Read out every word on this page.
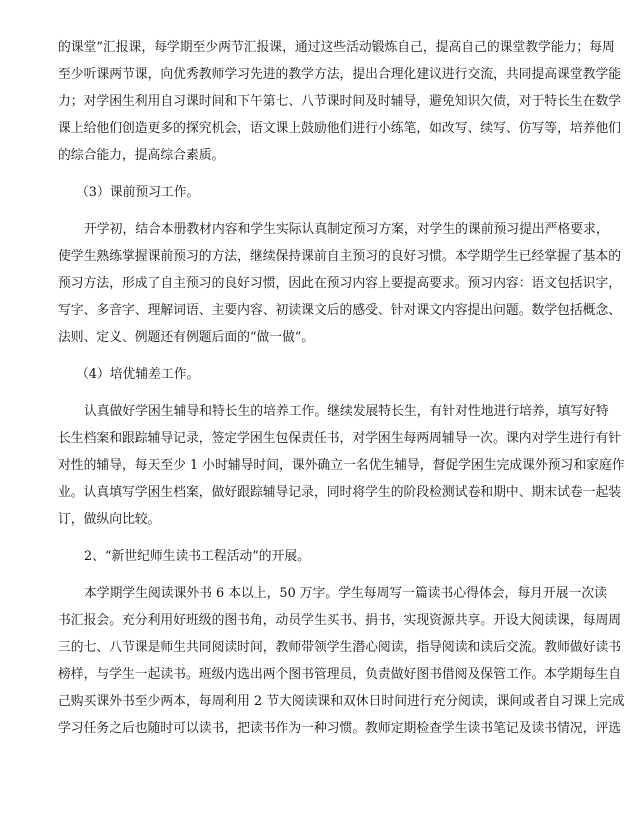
的课堂”汇报课，每学期至少两节汇报课，通过这些活动锻炼自己，提高自己的课堂教学能力；每周
至少听课两节课，向优秀教师学习先进的教学方法，提出合理化建议进行交流，共同提高课堂教学能
力；对学困生利用自习课时间和下午第七、八节课时间及时辅导，避免知识欠债，对于特长生在数学
课上给他们创造更多的探究机会，语文课上鼓励他们进行小练笔，如改写、续写、仿写等，培养他们
的综合能力，提高综合素质。
（3）课前预习工作。
开学初，结合本册教材内容和学生实际认真制定预习方案，对学生的课前预习提出严格要求，
使学生熟练掌握课前预习的方法，继续保持课前自主预习的良好习惯。本学期学生已经掌握了基本的
预习方法，形成了自主预习的良好习惯，因此在预习内容上要提高要求。预习内容：语文包括识字，
写字、多音字、理解词语、主要内容、初读课文后的感受、针对课文内容提出问题。数学包括概念、
法则、定义、例题还有例题后面的“做一做”。
（4）培优辅差工作。
认真做好学困生辅导和特长生的培养工作。继续发展特长生，有针对性地进行培养，填写好特
长生档案和跟踪辅导记录，签定学困生包保责任书，对学困生每两周辅导一次。课内对学生进行有针
对性的辅导，每天至少 1 小时辅导时间，课外确立一名优生辅导，督促学困生完成课外预习和家庭作
业。认真填写学困生档案，做好跟踪辅导记录，同时将学生的阶段检测试卷和期中、期末试卷一起装
订，做纵向比较。
2、“新世纪师生读书工程活动”的开展。
本学期学生阅读课外书 6 本以上，50 万字。学生每周写一篇读书心得体会，每月开展一次读
书汇报会。充分利用好班级的图书角，动员学生买书、捐书，实现资源共享。开设大阅读课，每周周
三的七、八节课是师生共同阅读时间，教师带领学生潜心阅读，指导阅读和读后交流。教师做好读书
榜样，与学生一起读书。班级内选出两个图书管理员，负责做好图书借阅及保管工作。本学期每生自
己购买课外书至少两本，每周利用 2 节大阅读课和双休日时间进行充分阅读，课间或者自习课上完成
学习任务之后也随时可以读书，把读书作为一种习惯。教师定期检查学生读书笔记及读书情况，评选
